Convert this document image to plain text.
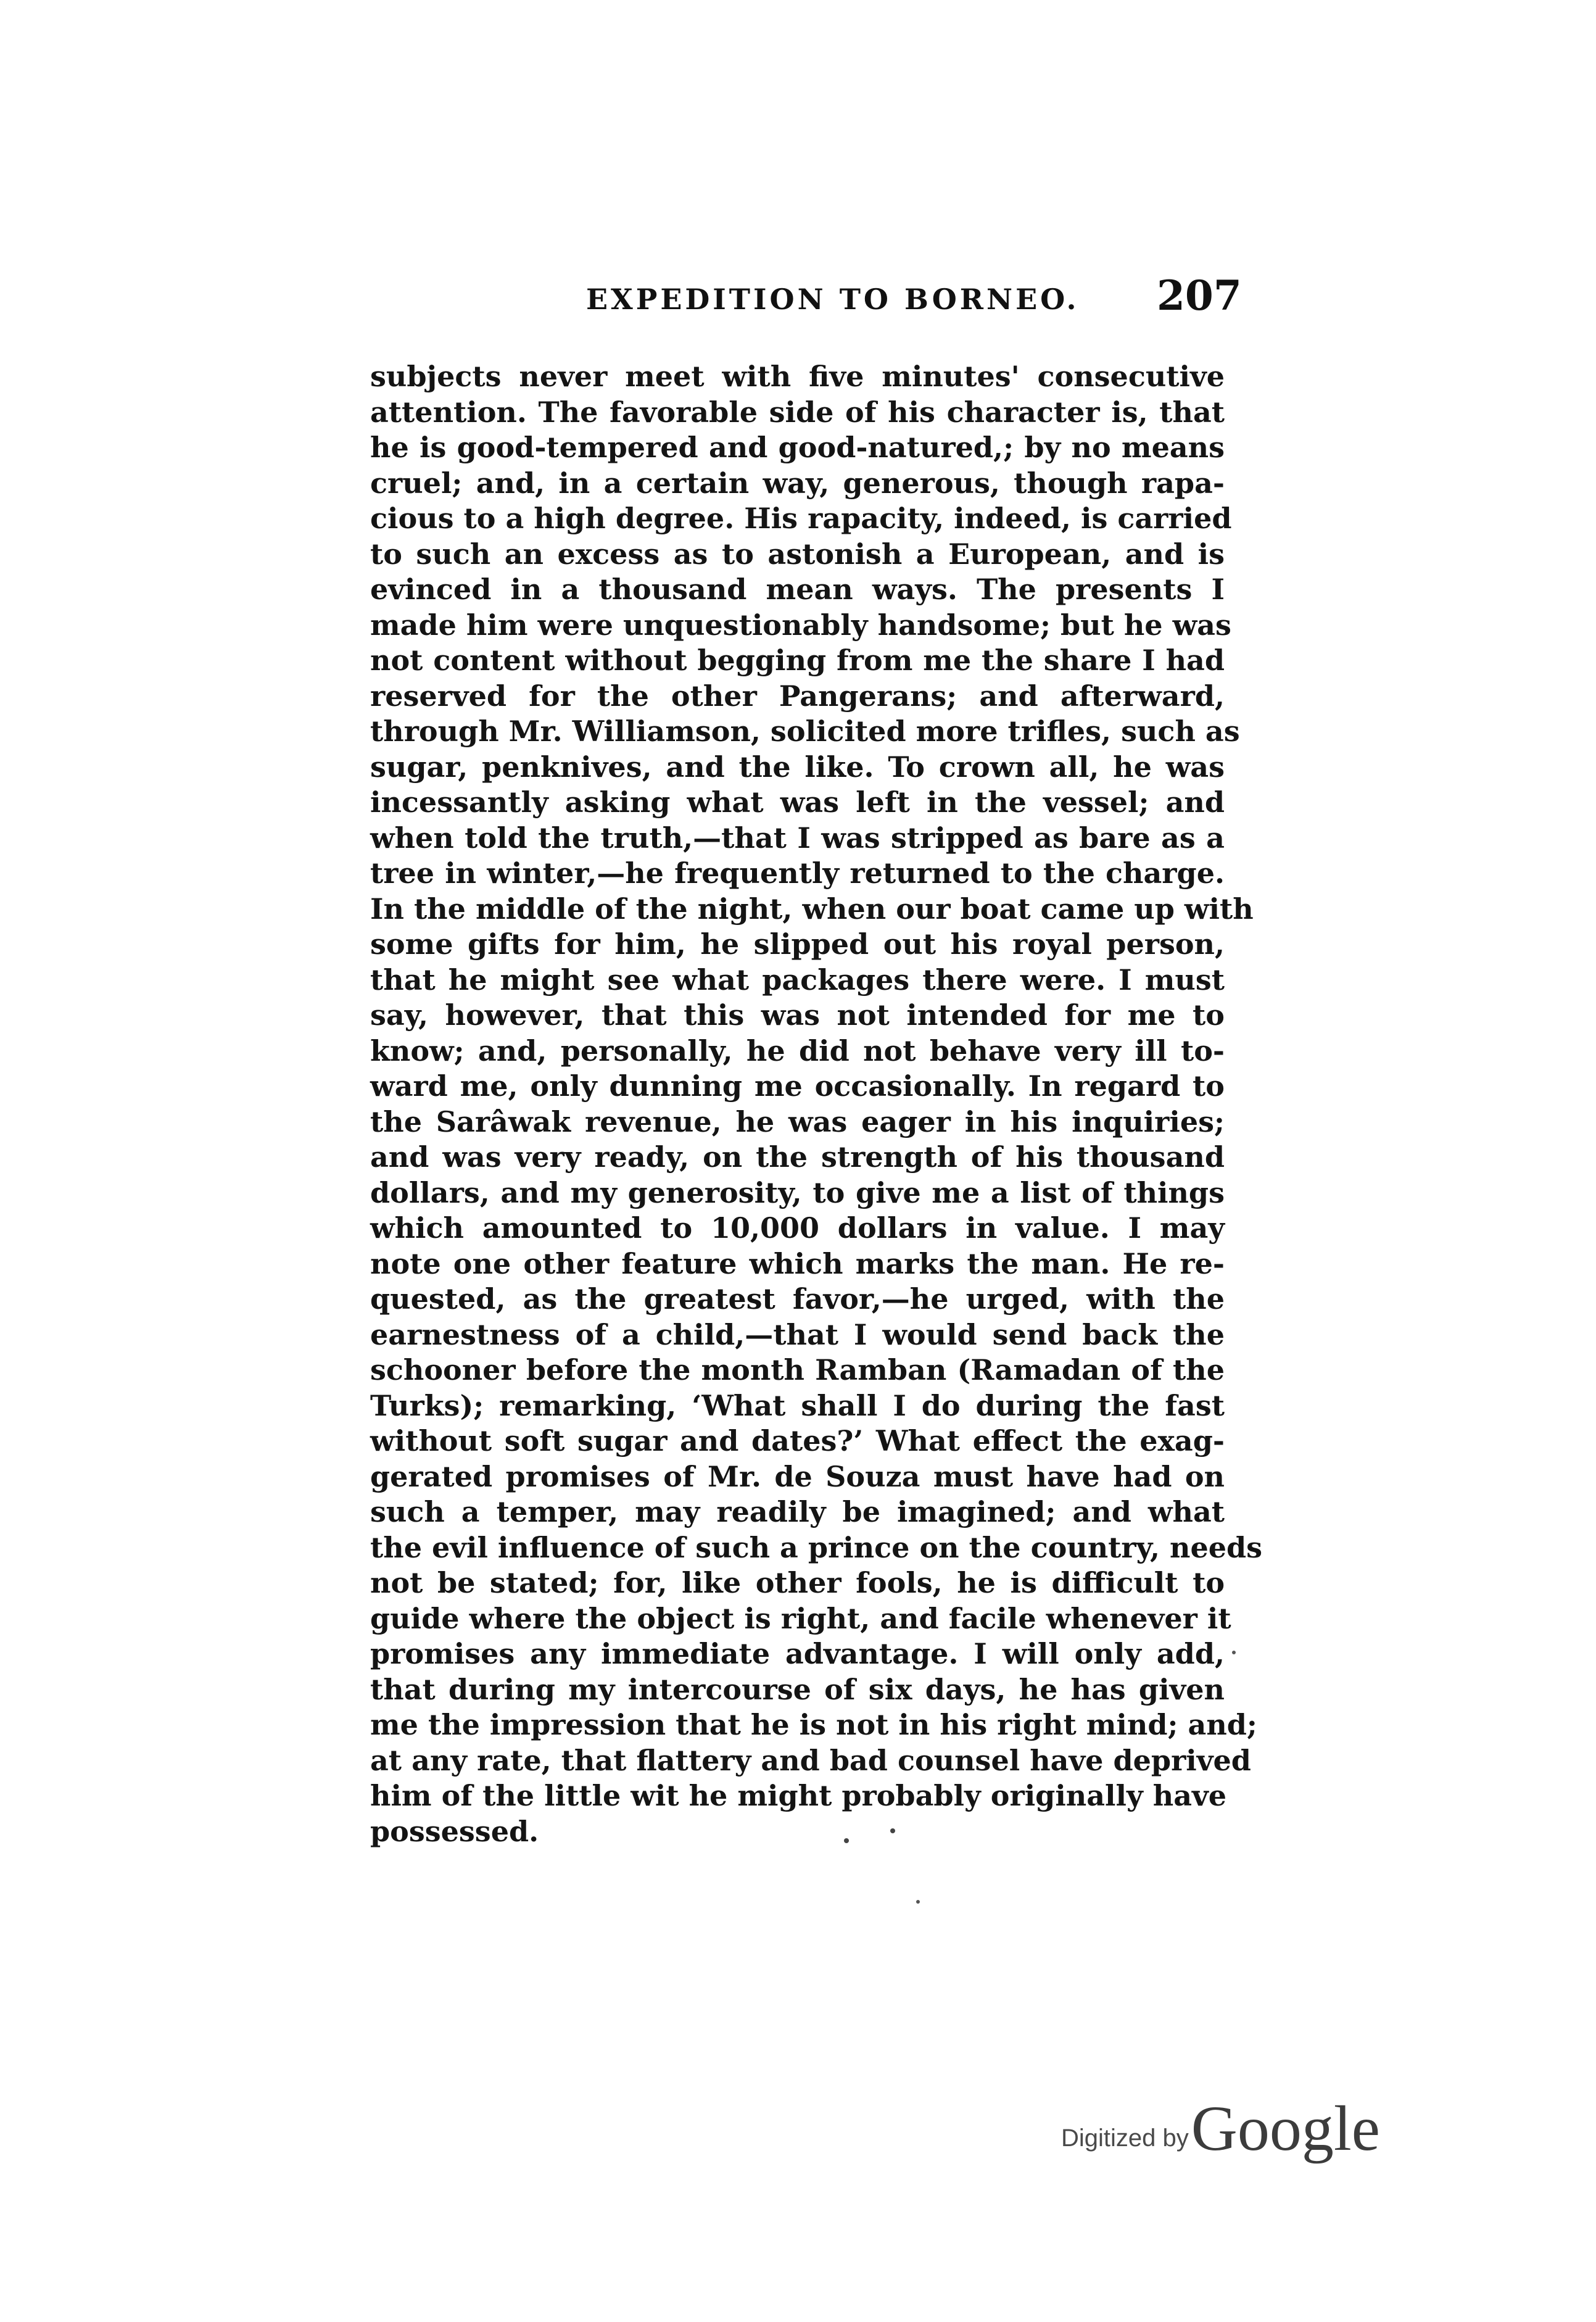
EXPEDITION TO BORNEO. 207
subjects never meet with five minutes' consecutive
attention. The favorable side of his character is, that
he is good-tempered and good-natured,; by no means
cruel; and, in a certain way, generous, though rapa-
cious to a high degree. His rapacity, indeed, is carried
to such an excess as to astonish a European, and is
evinced in a thousand mean ways. The presents I
made him were unquestionably handsome; but he was
not content without begging from me the share I had
reserved for the other Pangerans; and afterward,
through Mr. Williamson, solicited more trifles, such as
sugar, penknives, and the like. To crown all, he was
incessantly asking what was left in the vessel; and
when told the truth,—that I was stripped as bare as a
tree in winter,—he frequently returned to the charge.
In the middle of the night, when our boat came up with
some gifts for him, he slipped out his royal person,
that he might see what packages there were. I must
say, however, that this was not intended for me to
know; and, personally, he did not behave very ill to-
ward me, only dunning me occasionally. In regard to
the Sarâwak revenue, he was eager in his inquiries;
and was very ready, on the strength of his thousand
dollars, and my generosity, to give me a list of things
which amounted to 10,000 dollars in value. I may
note one other feature which marks the man. He re-
quested, as the greatest favor,—he urged, with the
earnestness of a child,—that I would send back the
schooner before the month Ramban (Ramadan of the
Turks); remarking, ‘What shall I do during the fast
without soft sugar and dates?’ What effect the exag-
gerated promises of Mr. de Souza must have had on
such a temper, may readily be imagined; and what
the evil influence of such a prince on the country, needs
not be stated; for, like other fools, he is difficult to
guide where the object is right, and facile whenever it
promises any immediate advantage. I will only add,
that during my intercourse of six days, he has given
me the impression that he is not in his right mind; and;
at any rate, that flattery and bad counsel have deprived
him of the little wit he might probably originally have
possessed.
Digitized by Google
